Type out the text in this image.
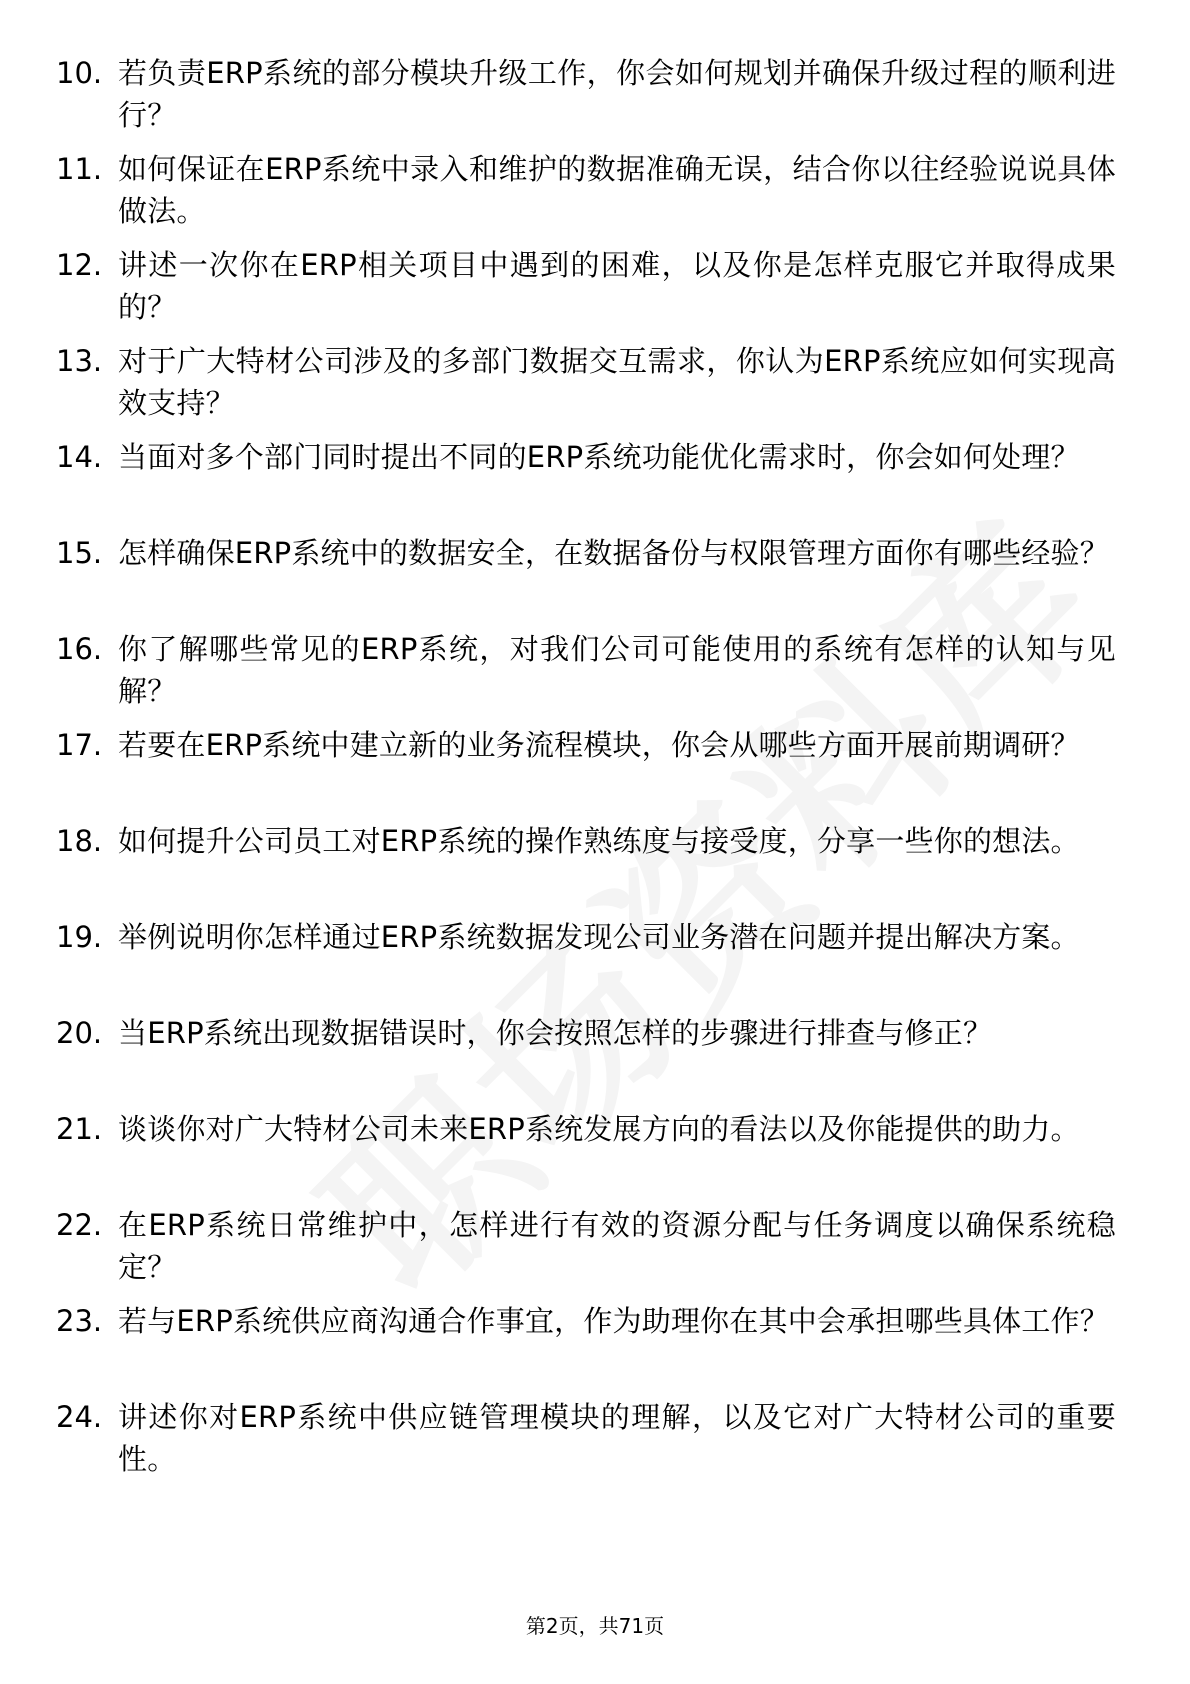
10. 若负责ERP系统的部分模块升级工作，你会如何规划并确保升级过程的顺利进行？
11. 如何保证在ERP系统中录入和维护的数据准确无误，结合你以往经验说说具体做法。
12. 讲述一次你在ERP相关项目中遇到的困难，以及你是怎样克服它并取得成果的？
13. 对于广大特材公司涉及的多部门数据交互需求，你认为ERP系统应如何实现高效支持？
14. 当面对多个部门同时提出不同的ERP系统功能优化需求时，你会如何处理？
15. 怎样确保ERP系统中的数据安全，在数据备份与权限管理方面你有哪些经验？
16. 你了解哪些常见的ERP系统，对我们公司可能使用的系统有怎样的认知与见解？
17. 若要在ERP系统中建立新的业务流程模块，你会从哪些方面开展前期调研？
18. 如何提升公司员工对ERP系统的操作熟练度与接受度，分享一些你的想法。
19. 举例说明你怎样通过ERP系统数据发现公司业务潜在问题并提出解决方案。
20. 当ERP系统出现数据错误时，你会按照怎样的步骤进行排查与修正？
21. 谈谈你对广大特材公司未来ERP系统发展方向的看法以及你能提供的助力。
22. 在ERP系统日常维护中，怎样进行有效的资源分配与任务调度以确保系统稳定？
23. 若与ERP系统供应商沟通合作事宜，作为助理你在其中会承担哪些具体工作？
24. 讲述你对ERP系统中供应链管理模块的理解，以及它对广大特材公司的重要性。
第2页，共71页
